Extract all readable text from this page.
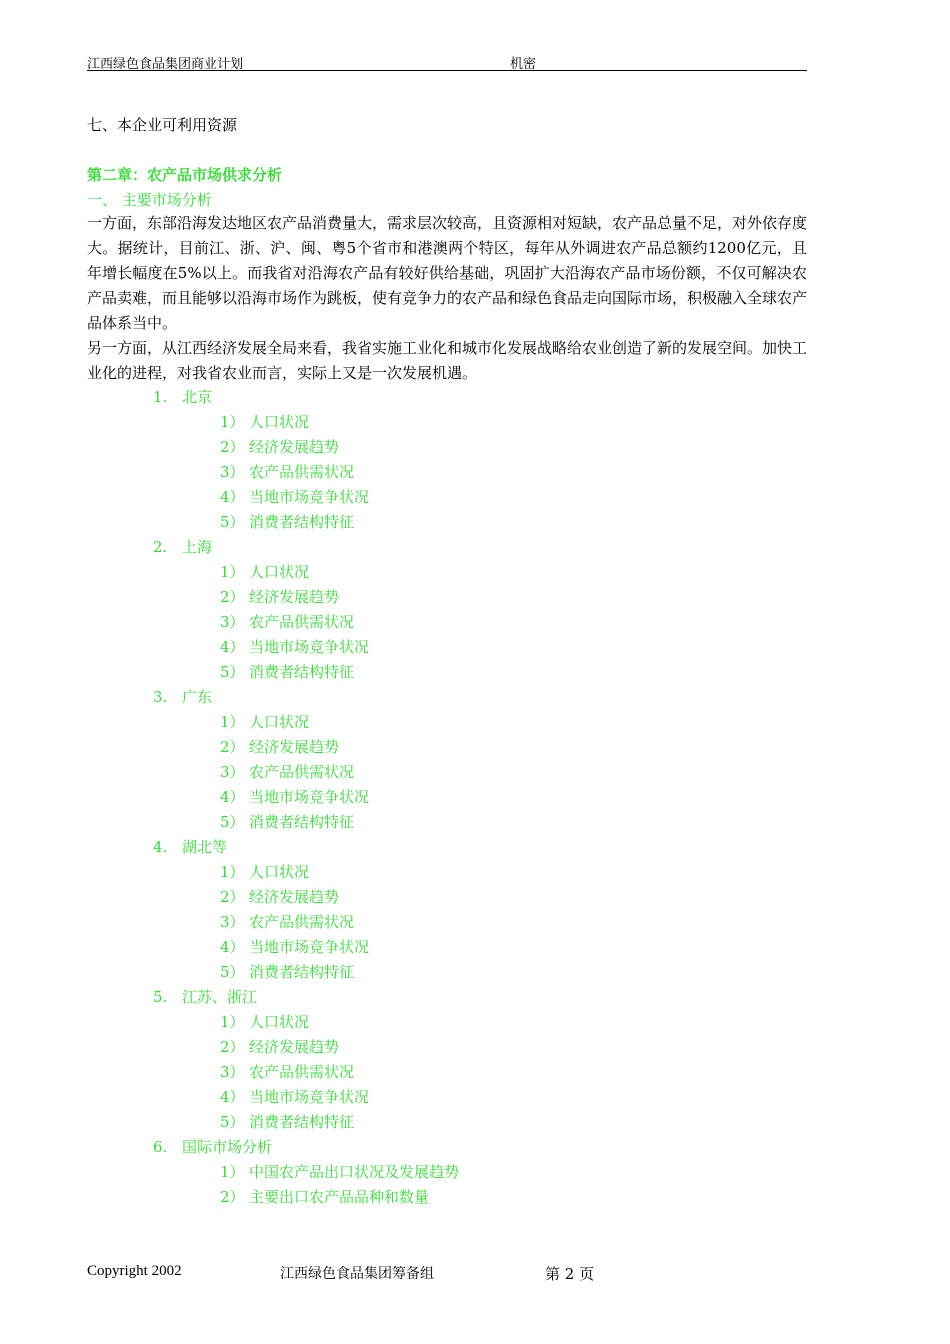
江西绿色食品集团商业计划	机密
七、本企业可利用资源
第二章：农产品市场供求分析
一、 主要市场分析

一方面，东部沿海发达地区农产品消费量大，需求层次较高，且资源相对短缺，农产品总量不足，对外依存度大。据统计，目前江、浙、沪、闽、粤5个省市和港澳两个特区，每年从外调进农产品总额约1200亿元，且年增长幅度在5%以上。而我省对沿海农产品有较好供给基础，巩固扩大沿海农产品市场份额，不仅可解决农产品卖难，而且能够以沿海市场作为跳板，使有竞争力的农产品和绿色食品走向国际市场，积极融入全球农产品体系当中。

另一方面，从江西经济发展全局来看，我省实施工业化和城市化发展战略给农业创造了新的发展空间。加快工业化的进程，对我省农业而言，实际上又是一次发展机遇。

1. 北京
1） 人口状况
2） 经济发展趋势
3） 农产品供需状况
4） 当地市场竞争状况
5） 消费者结构特征
2. 上海
1） 人口状况
2） 经济发展趋势
3） 农产品供需状况
4） 当地市场竞争状况
5） 消费者结构特征
3. 广东
1） 人口状况
2） 经济发展趋势
3） 农产品供需状况
4） 当地市场竞争状况
5） 消费者结构特征
4. 湖北等
1） 人口状况
2） 经济发展趋势
3） 农产品供需状况
4） 当地市场竞争状况
5） 消费者结构特征
5. 江苏、浙江
1） 人口状况
2） 经济发展趋势
3） 农产品供需状况
4） 当地市场竞争状况
5） 消费者结构特征
6. 国际市场分析
1） 中国农产品出口状况及发展趋势
2） 主要出口农产品品种和数量
Copyright 2002	江西绿色食品集团筹备组	第 2 页
